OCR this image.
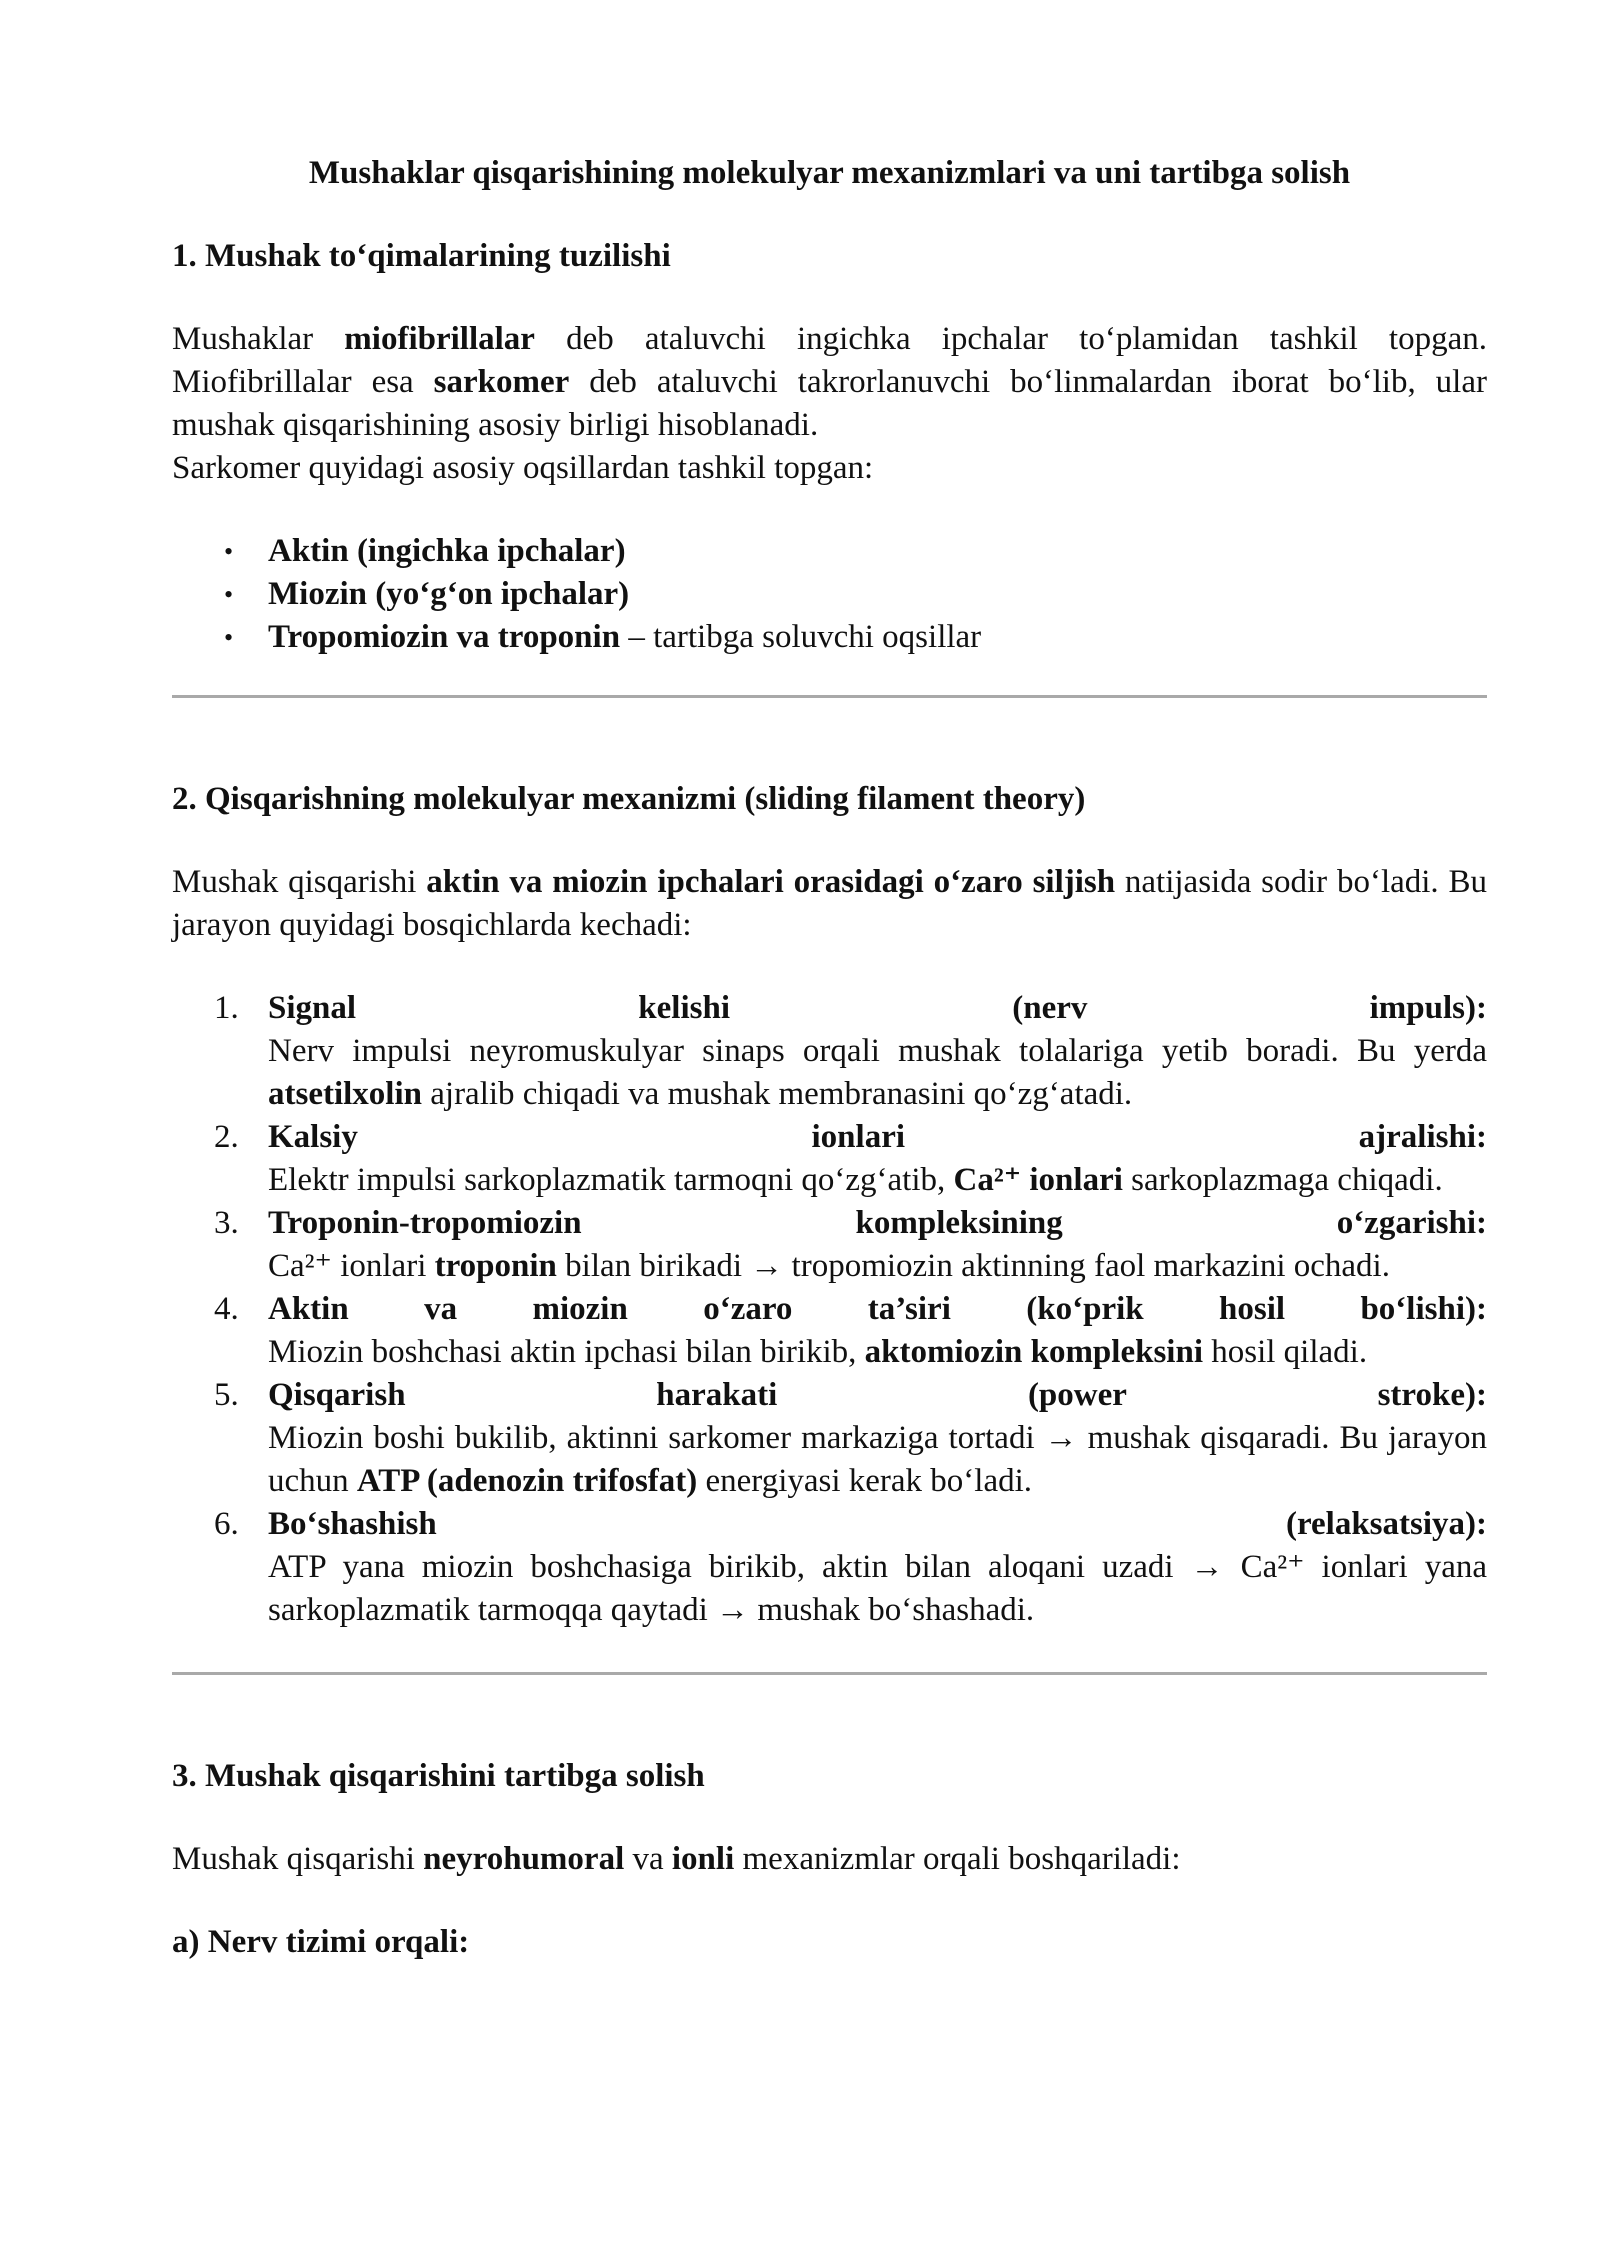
Mushaklar qisqarishining molekulyar mexanizmlari va uni tartibga solish
1. Mushak to‘qimalarining tuzilishi

Mushaklar miofibrillalar deb ataluvchi ingichka ipchalar to‘plamidan tashkil topgan. Miofibrillalar esa sarkomer deb ataluvchi takrorlanuvchi bo‘linmalardan iborat bo‘lib, ular mushak qisqarishining asosiy birligi hisoblanadi.
Sarkomer quyidagi asosiy oqsillardan tashkil topgan:

• Aktin (ingichka ipchalar)
• Miozin (yo‘g‘on ipchalar)
• Tropomiozin va troponin – tartibga soluvchi oqsillar
2. Qisqarishning molekulyar mexanizmi (sliding filament theory)

Mushak qisqarishi aktin va miozin ipchalari orasidagi o‘zaro siljish natijasida sodir bo‘ladi. Bu jarayon quyidagi bosqichlarda kechadi:

1. Signal	kelishi	(nerv	impuls):
Nerv impulsi neyromuskulyar sinaps orqali mushak tolalariga yetib boradi. Bu yerda atsetilxolin ajralib chiqadi va mushak membranasini qo‘zg‘atadi.
2. Kalsiy	ionlari	ajralishi:
Elektr impulsi sarkoplazmatik tarmoqni qo‘zg‘atib, Ca²⁺ ionlari sarkoplazmaga chiqadi.
3. Troponin-tropomiozin	kompleksining	o‘zgarishi:
Ca²⁺ ionlari troponin bilan birikadi → tropomiozin aktinning faol markazini ochadi.
4. Aktin va miozin o‘zaro ta’siri (ko‘prik hosil bo‘lishi):
Miozin boshchasi aktin ipchasi bilan birikib, aktomiozin kompleksini hosil qiladi.
5. Qisqarish	harakati	(power	stroke):
Miozin boshi bukilib, aktinni sarkomer markaziga tortadi → mushak qisqaradi. Bu jarayon uchun ATP (adenozin trifosfat) energiyasi kerak bo‘ladi.
6. Bo‘shashish	(relaksatsiya):
ATP yana miozin boshchasiga birikib, aktin bilan aloqani uzadi → Ca²⁺ ionlari yana sarkoplazmatik tarmoqqa qaytadi → mushak bo‘shashadi.
3. Mushak qisqarishini tartibga solish

Mushak qisqarishi neyrohumoral va ionli mexanizmlar orqali boshqariladi:

a) Nerv tizimi orqali:
